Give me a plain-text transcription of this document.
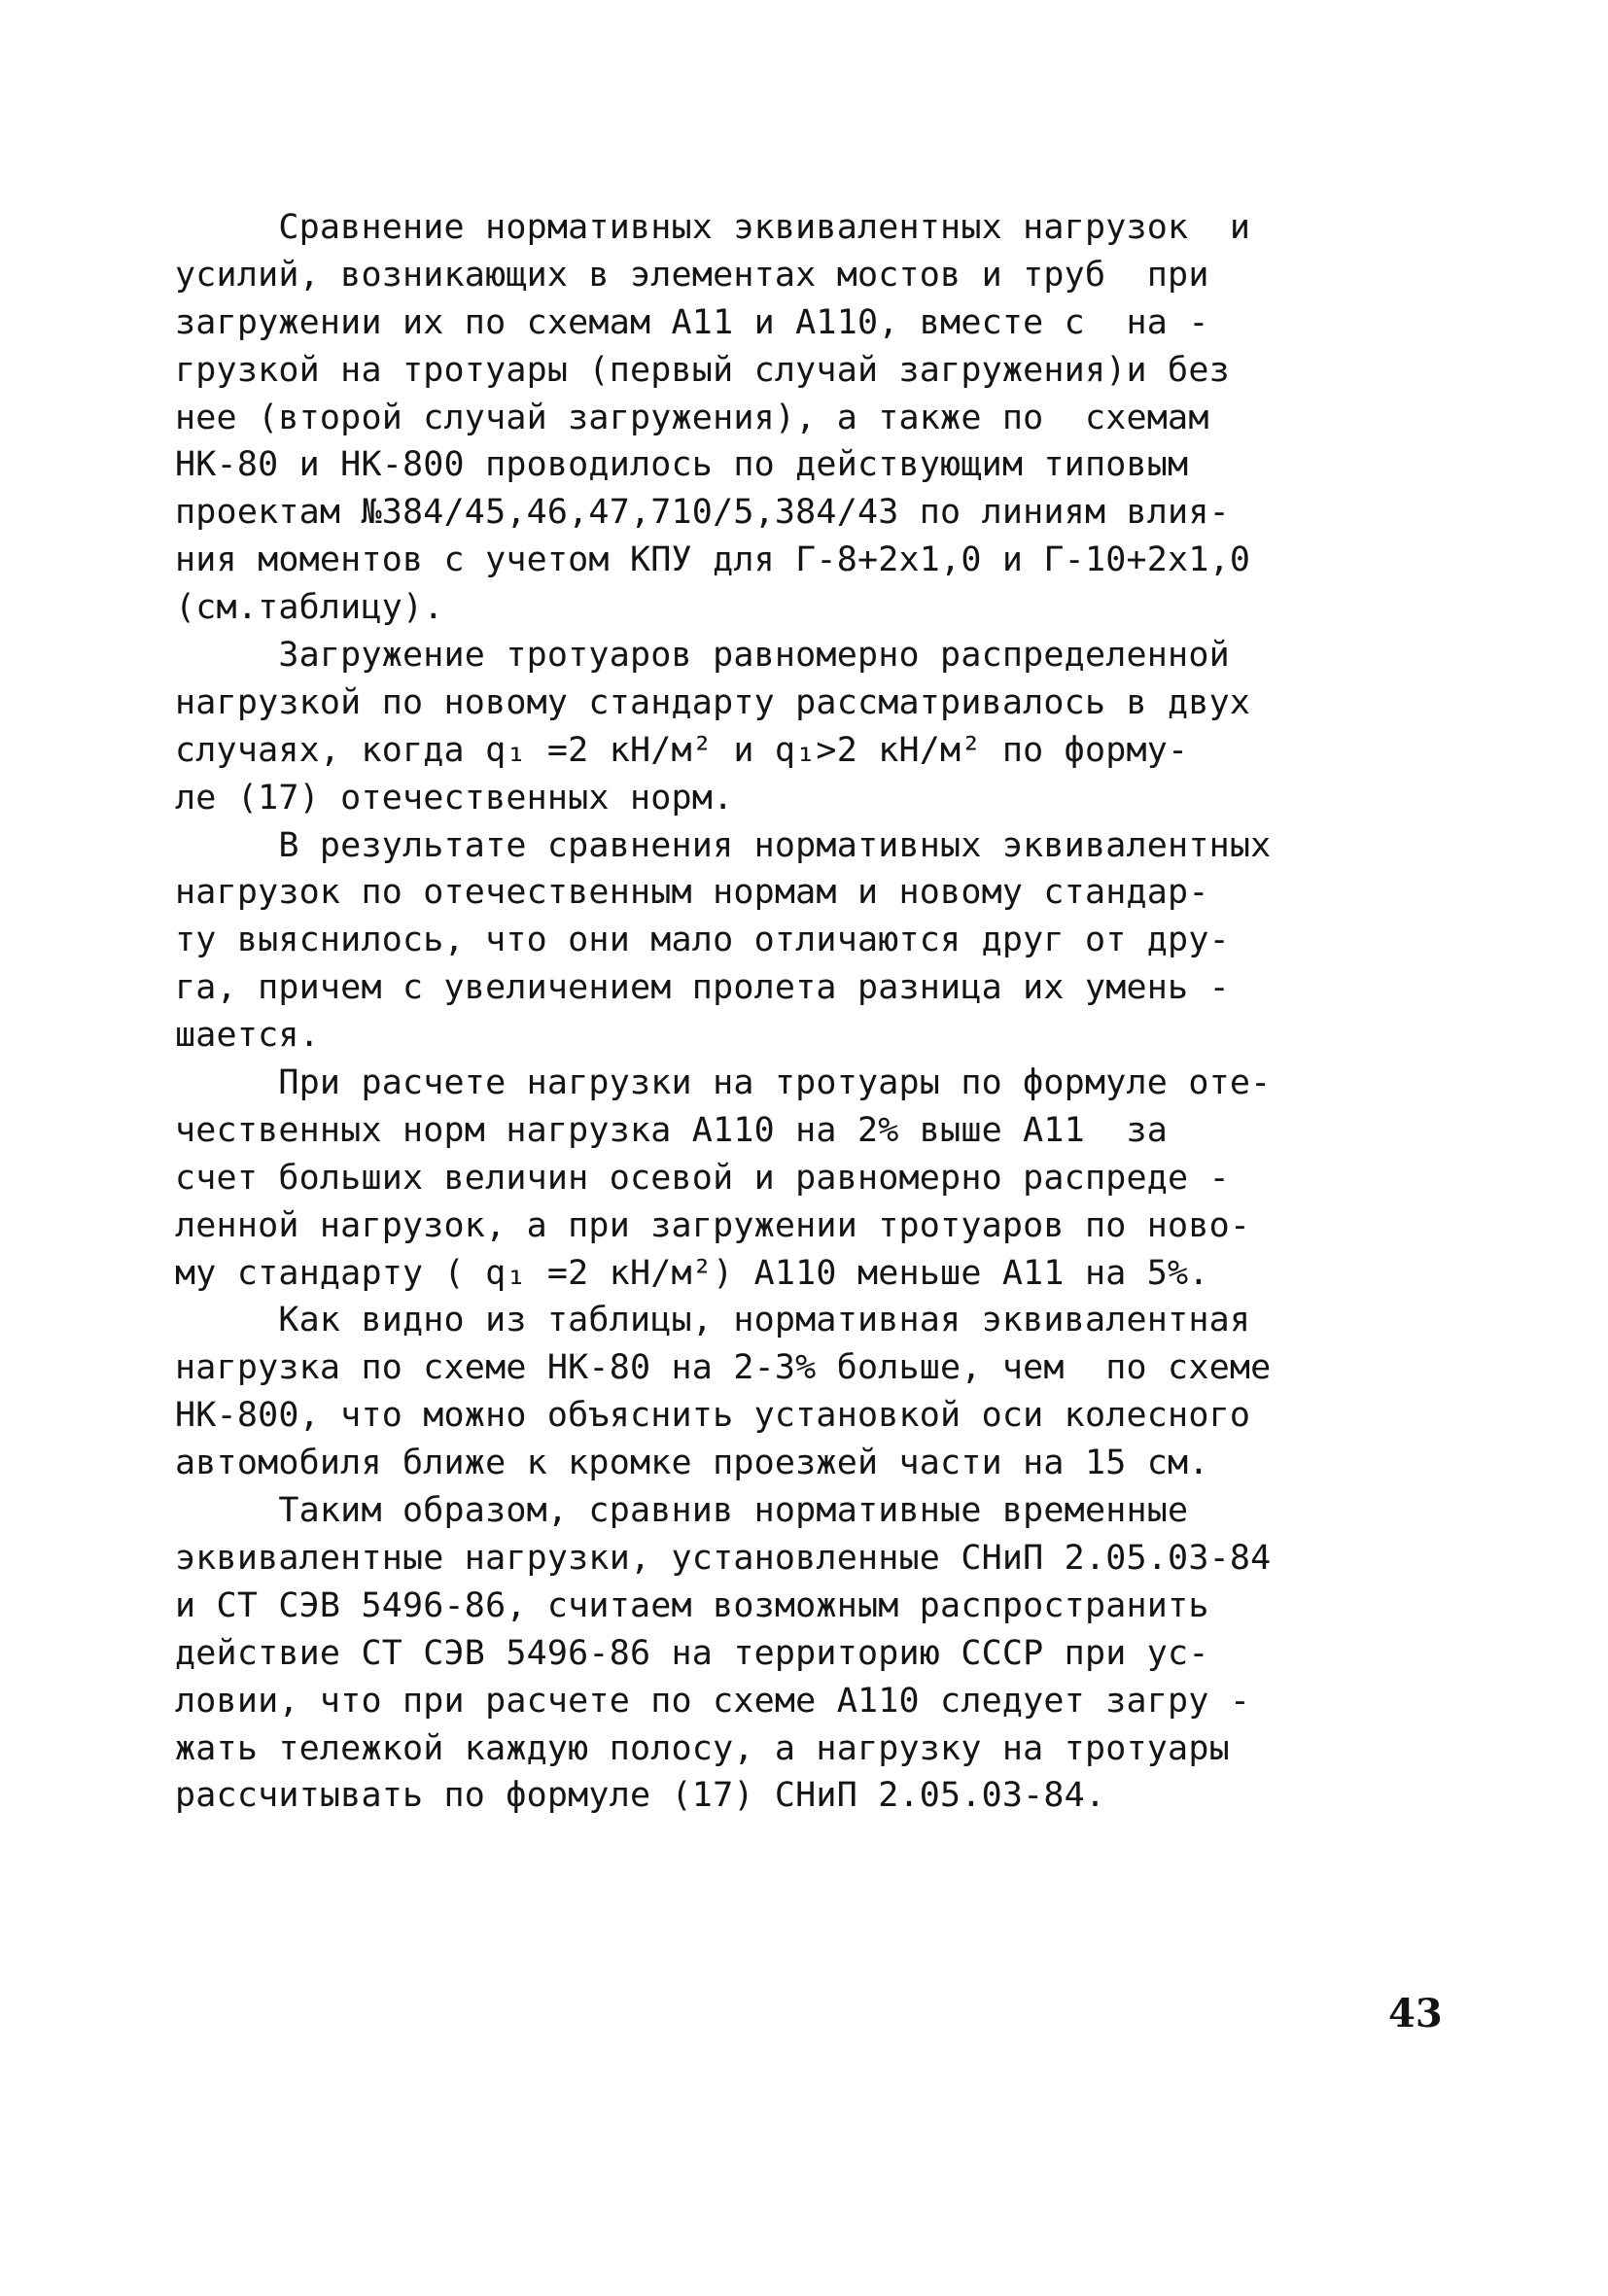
Сравнение нормативных эквивалентных нагрузок  и
усилий, возникающих в элементах мостов и труб  при
загружении их по схемам А11 и А110, вместе с  на -
грузкой на тротуары (первый случай загружения)и без
нее (второй случай загружения), а также по  схемам
НК-80 и НК-800 проводилось по действующим типовым
проектам №384/45,46,47,710/5,384/43 по линиям влия-
ния моментов с учетом КПУ для Г-8+2х1,0 и Г-10+2х1,0
(см.таблицу).
Загружение тротуаров равномерно распределенной
нагрузкой по новому стандарту рассматривалось в двух
случаях, когда q₁ =2 кН/м² и q₁>2 кН/м² по форму-
ле (17) отечественных норм.
В результате сравнения нормативных эквивалентных
нагрузок по отечественным нормам и новому стандар-
ту выяснилось, что они мало отличаются друг от дру-
га, причем с увеличением пролета разница их умень -
шается.
При расчете нагрузки на тротуары по формуле оте-
чественных норм нагрузка А110 на 2% выше А11  за
счет больших величин осевой и равномерно распреде -
ленной нагрузок, а при загружении тротуаров по ново-
му стандарту ( q₁ =2 кН/м²) А110 меньше А11 на 5%.
Как видно из таблицы, нормативная эквивалентная
нагрузка по схеме НК-80 на 2-3% больше, чем  по схеме
НК-800, что можно объяснить установкой оси колесного
автомобиля ближе к кромке проезжей части на 15 см.
Таким образом, сравнив нормативные временные
эквивалентные нагрузки, установленные СНиП 2.05.03-84
и СТ СЭВ 5496-86, считаем возможным распространить
действие СТ СЭВ 5496-86 на территорию СССР при ус-
ловии, что при расчете по схеме А110 следует загру -
жать тележкой каждую полосу, а нагрузку на тротуары
рассчитывать по формуле (17) СНиП 2.05.03-84.
43
